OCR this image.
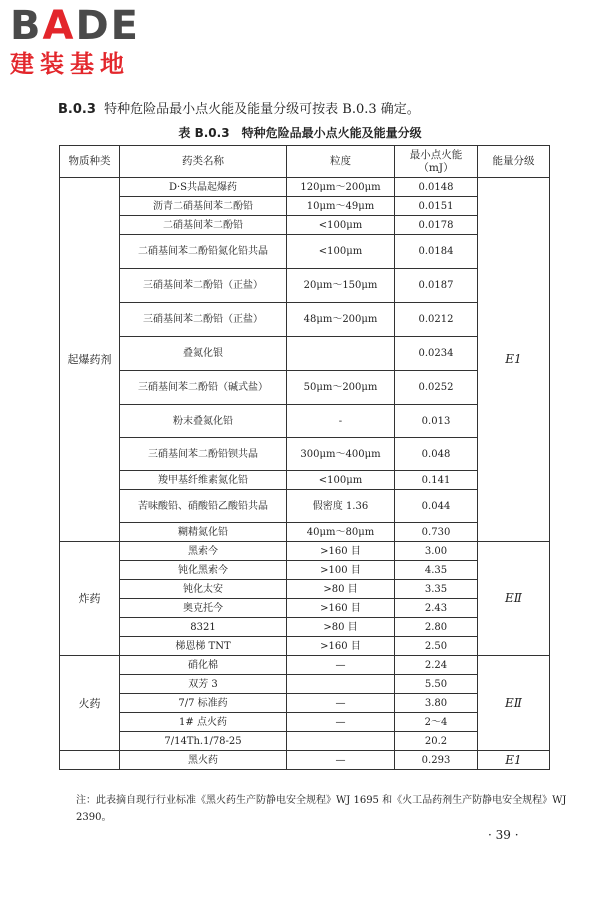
BADE
建装基地
B.0.3 特种危险品最小点火能及能量分级可按表 B.0.3 确定。
表 B.0.3　特种危险品最小点火能及能量分级
物质种类	药类名称	粒度	最小点火能（mJ）	能量分级
起爆药剂	D·S共晶起爆药	120μm～200μm	0.0148	E1
	沥青二硝基间苯二酚铅	10μm～49μm	0.0151	
	二硝基间苯二酚铅	<100μm	0.0178	
	二硝基间苯二酚铅氮化铅共晶	<100μm	0.0184	
	三硝基间苯二酚铅（正盐）	20μm～150μm	0.0187	
	三硝基间苯二酚铅（正盐）	48μm～200μm	0.0212	
	叠氮化银		0.0234	
	三硝基间苯二酚铅（碱式盐）	50μm～200μm	0.0252	
	粉末叠氮化铅	-	0.013	
	三硝基间苯二酚铅钡共晶	300μm～400μm	0.048	
	羧甲基纤维素氮化铅	<100μm	0.141	
	苦味酸铅、硝酸铅乙酸铅共晶	假密度 1.36	0.044	
	糊精氮化铅	40μm～80μm	0.730	
炸药	黑索今	>160 目	3.00	EⅡ
	钝化黑索今	>100 目	4.35	
	钝化太安	>80 目	3.35	
	奥克托今	>160 目	2.43	
	8321	>80 目	2.80	
	梯恩梯 TNT	>160 目	2.50	
火药	硝化棉	—	2.24	EⅡ
	双芳 3		5.50	
	7/7 标准药	—	3.80	
	1# 点火药	—	2～4	
	7/14Th.1/78-25		20.2	
	黑火药	—	0.293	E1
注：此表摘自现行行业标准《黑火药生产防静电安全规程》WJ 1695 和《火工品药剂生产防静电安全规程》WJ 2390。
· 39 ·
